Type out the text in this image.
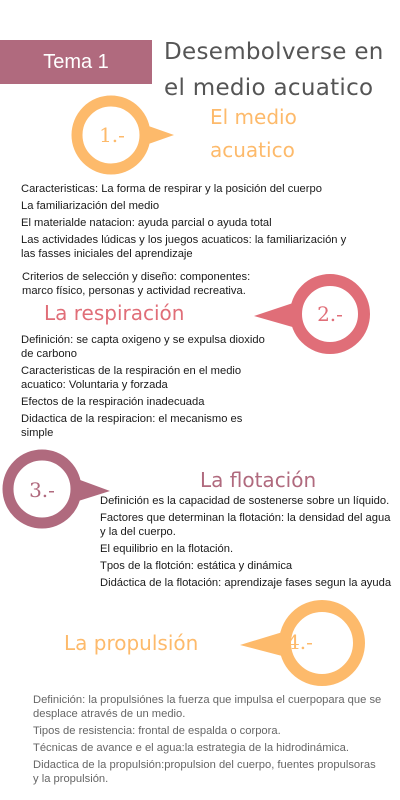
Tema 1 Desembolverse en
el medio acuatico
1.-
El medio
acuatico
Caracteristicas: La forma de respirar y la posición del cuerpo
La familiarización del medio
El materialde natacion: ayuda parcial o ayuda total
Las actividades lúdicas y los juegos acuaticos: la familiarización y las fasses iniciales del aprendizaje
Criterios de selección y diseño: componentes: marco físico, personas y actividad recreativa.
2.-
La respiración
Definición: se capta oxigeno y se expulsa dioxido de carbono
Caracteristicas de la respiración en el medio acuatico: Voluntaria y forzada
Efectos de la respiración inadecuada
Didactica de la respiracion: el mecanismo es simple
3.-	La flotación
Definición es la capacidad de sostenerse sobre un líquido.
Factores que determinan la flotación: la densidad del agua y la del cuerpo.
El equilibrio en la flotación.
Tpos de la flotción: estática y dinámica
Didáctica de la flotación: aprendizaje fases segun la ayuda
4.-
La propulsión
Definición: la propulsiónes la fuerza que impulsa el cuerpopara que se desplace através de un medio.
Tipos de resistencia: frontal de espalda o corpora.
Técnicas de avance e el agua:la estrategia de la hidrodinámica.
Didactica de la propulsión:propulsion del cuerpo, fuentes propulsoras y la propulsión.
